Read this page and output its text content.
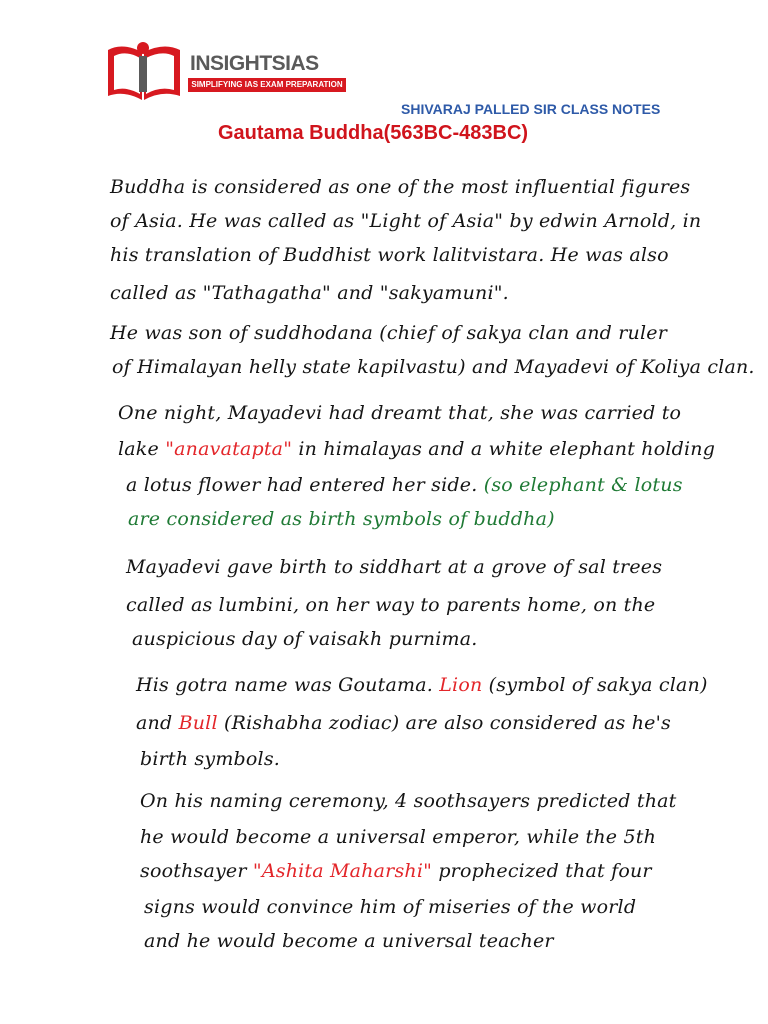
INSIGHTSIAS
SIMPLIFYING IAS EXAM PREPARATION
SHIVARAJ PALLED SIR CLASS NOTES
Gautama Buddha(563BC-483BC)
Buddha is considered as one of the most influential figures
of Asia. He was called as "Light of Asia" by edwin Arnold, in
his translation of Buddhist work lalitvistara. He was also
called as "Tathagatha" and "sakyamuni".
He was son of suddhodana (chief of sakya clan and ruler
of Himalayan helly state kapilvastu) and Mayadevi of Koliya clan.
One night, Mayadevi had dreamt that, she was carried to
lake "anavatapta" in himalayas and a white elephant holding
a lotus flower had entered her side. (so elephant & lotus
are considered as birth symbols of buddha)
Mayadevi gave birth to siddhart at a grove of sal trees
called as lumbini, on her way to parents home, on the
auspicious day of vaisakh purnima.
His gotra name was Goutama. Lion (symbol of sakya clan)
and Bull (Rishabha zodiac) are also considered as he's
birth symbols.
On his naming ceremony, 4 soothsayers predicted that
he would become a universal emperor, while the 5th
soothsayer "Ashita Maharshi" prophecized that four
signs would convince him of miseries of the world
and he would become a universal teacher
